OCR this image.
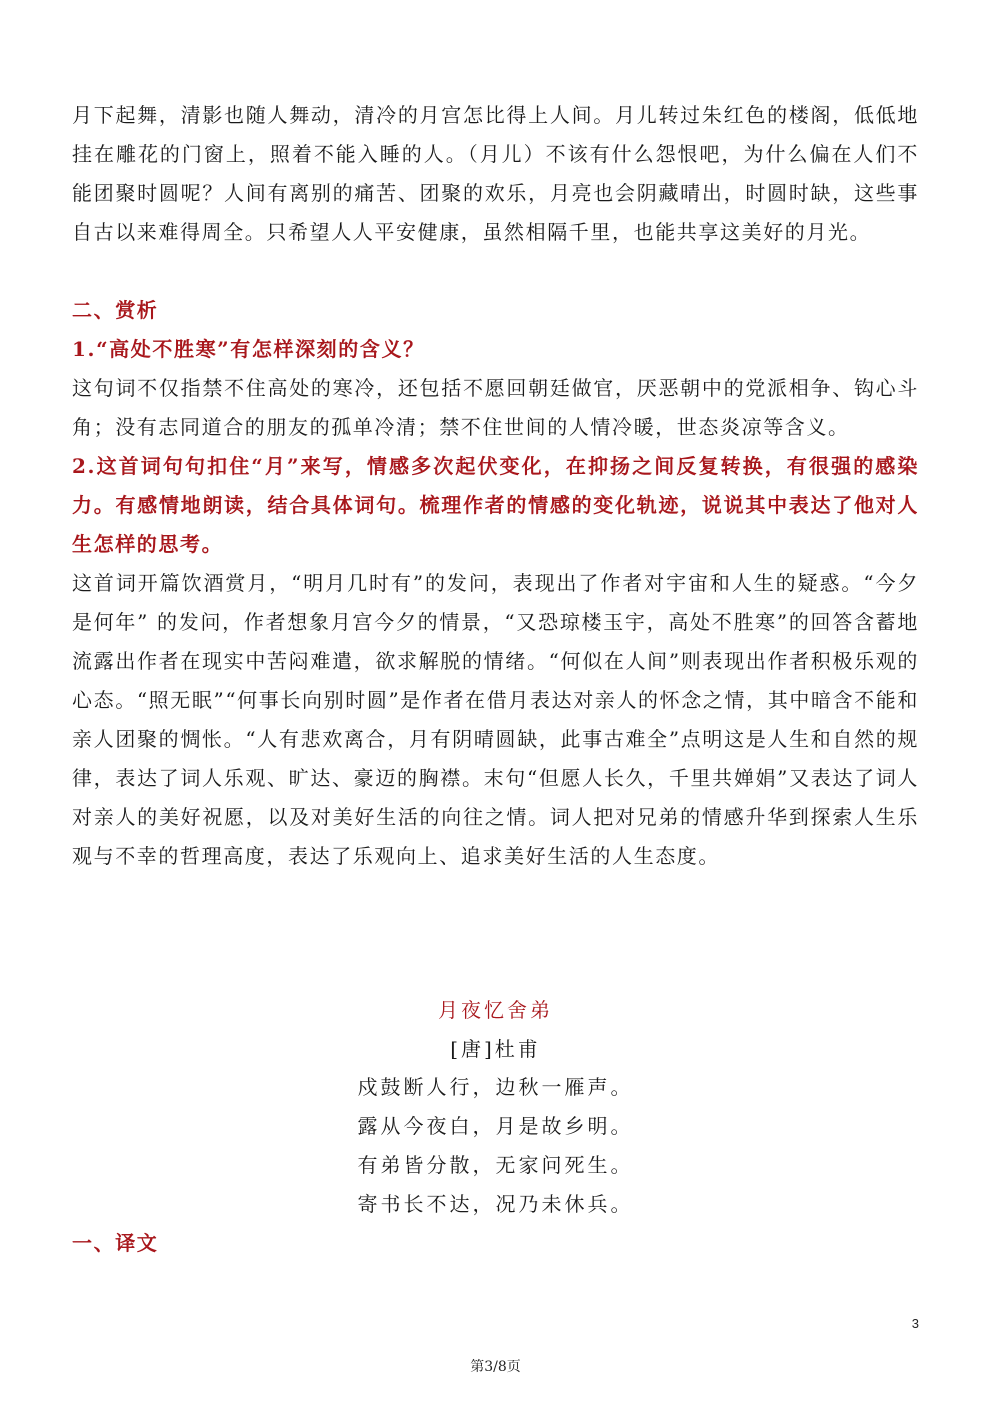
月下起舞，清影也随人舞动，清冷的月宫怎比得上人间。月儿转过朱红色的楼阁，低低地挂在雕花的门窗上，照着不能入睡的人。（月儿）不该有什么怨恨吧，为什么偏在人们不能团聚时圆呢？人间有离别的痛苦、团聚的欢乐，月亮也会阴藏晴出，时圆时缺，这些事自古以来难得周全。只希望人人平安健康，虽然相隔千里，也能共享这美好的月光。

二、赏析

1.“高处不胜寒”有怎样深刻的含义？

这句词不仅指禁不住高处的寒冷，还包括不愿回朝廷做官，厌恶朝中的党派相争、钩心斗角；没有志同道合的朋友的孤单冷清；禁不住世间的人情冷暖，世态炎凉等含义。

2.这首词句句扣住“月”来写，情感多次起伏变化，在抑扬之间反复转换，有很强的感染力。有感情地朗读，结合具体词句。梳理作者的情感的变化轨迹，说说其中表达了他对人生怎样的思考。

这首词开篇饮酒赏月，“明月几时有”的发问，表现出了作者对宇宙和人生的疑惑。“今夕是何年” 的发问，作者想象月宫今夕的情景，“又恐琼楼玉宇，高处不胜寒”的回答含蓄地流露出作者在现实中苦闷难遣，欲求解脱的情绪。“何似在人间”则表现出作者积极乐观的心态。“照无眠”“何事长向别时圆”是作者在借月表达对亲人的怀念之情，其中暗含不能和亲人团聚的惆怅。“人有悲欢离合，月有阴晴圆缺，此事古难全”点明这是人生和自然的规律，表达了词人乐观、旷达、豪迈的胸襟。末句“但愿人长久，千里共婵娟”又表达了词人对亲人的美好祝愿，以及对美好生活的向往之情。词人把对兄弟的情感升华到探索人生乐观与不幸的哲理高度，表达了乐观向上、追求美好生活的人生态度。

月夜忆舍弟

[唐]杜甫

戍鼓断人行，边秋一雁声。

露从今夜白，月是故乡明。

有弟皆分散，无家问死生。

寄书长不达，况乃未休兵。

一、译文

3
第3/8页
